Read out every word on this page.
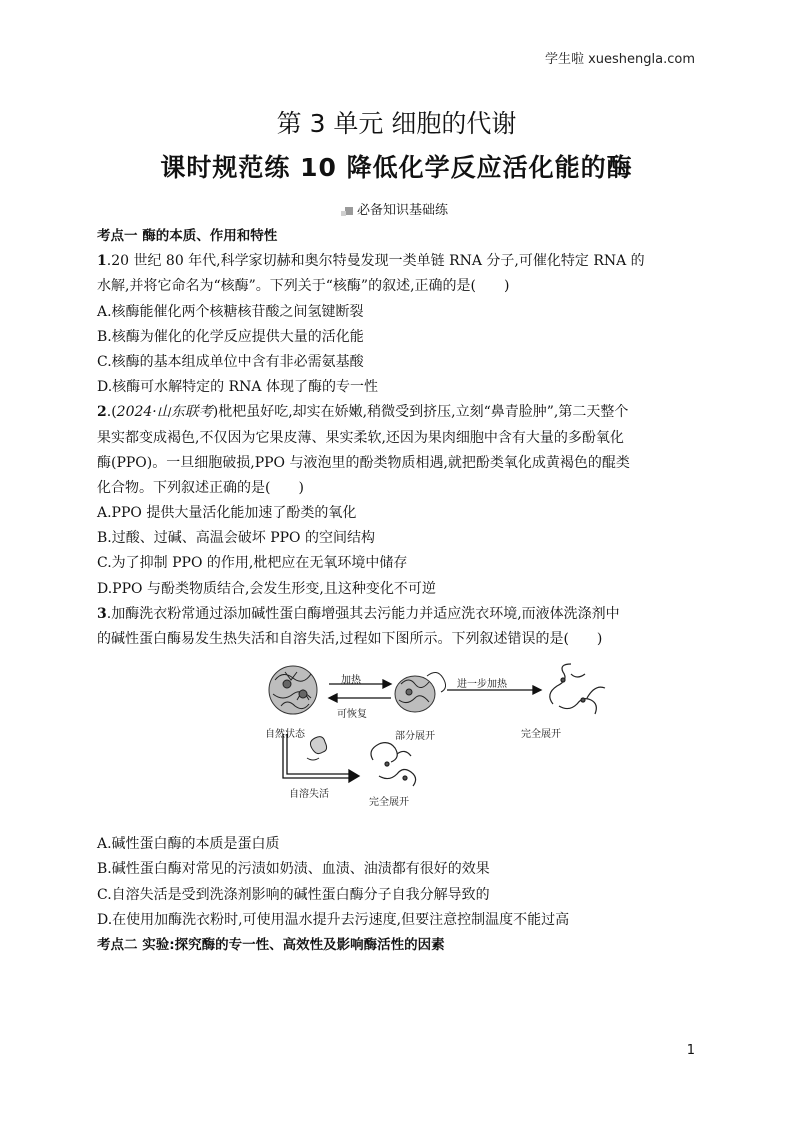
学生啦 xueshengla.com
第 3 单元 细胞的代谢
课时规范练 10 降低化学反应活化能的酶
必备知识基础练
考点一 酶的本质、作用和特性
1.20 世纪 80 年代,科学家切赫和奥尔特曼发现一类单链 RNA 分子,可催化特定 RNA 的
水解,并将它命名为“核酶”。下列关于“核酶”的叙述,正确的是(　　)
A.核酶能催化两个核糖核苷酸之间氢键断裂
B.核酶为催化的化学反应提供大量的活化能
C.核酶的基本组成单位中含有非必需氨基酸
D.核酶可水解特定的 RNA 体现了酶的专一性
2.(2024·山东联考)枇杷虽好吃,却实在娇嫩,稍微受到挤压,立刻“鼻青脸肿”,第二天整个
果实都变成褐色,不仅因为它果皮薄、果实柔软,还因为果肉细胞中含有大量的多酚氧化
酶(PPO)。一旦细胞破损,PPO 与液泡里的酚类物质相遇,就把酚类氧化成黄褐色的醌类
化合物。下列叙述正确的是(　　)
A.PPO 提供大量活化能加速了酚类的氧化
B.过酸、过碱、高温会破坏 PPO 的空间结构
C.为了抑制 PPO 的作用,枇杷应在无氧环境中储存
D.PPO 与酚类物质结合,会发生形变,且这种变化不可逆
3.加酶洗衣粉常通过添加碱性蛋白酶增强其去污能力并适应洗衣环境,而液体洗涤剂中
的碱性蛋白酶易发生热失活和自溶失活,过程如下图所示。下列叙述错误的是(　　)
加热
可恢复
进一步加热
自然状态	部分展开	完全展开
自溶失活
完全展开
A.碱性蛋白酶的本质是蛋白质
B.碱性蛋白酶对常见的污渍如奶渍、血渍、油渍都有很好的效果
C.自溶失活是受到洗涤剂影响的碱性蛋白酶分子自我分解导致的
D.在使用加酶洗衣粉时,可使用温水提升去污速度,但要注意控制温度不能过高
考点二 实验:探究酶的专一性、高效性及影响酶活性的因素
1
